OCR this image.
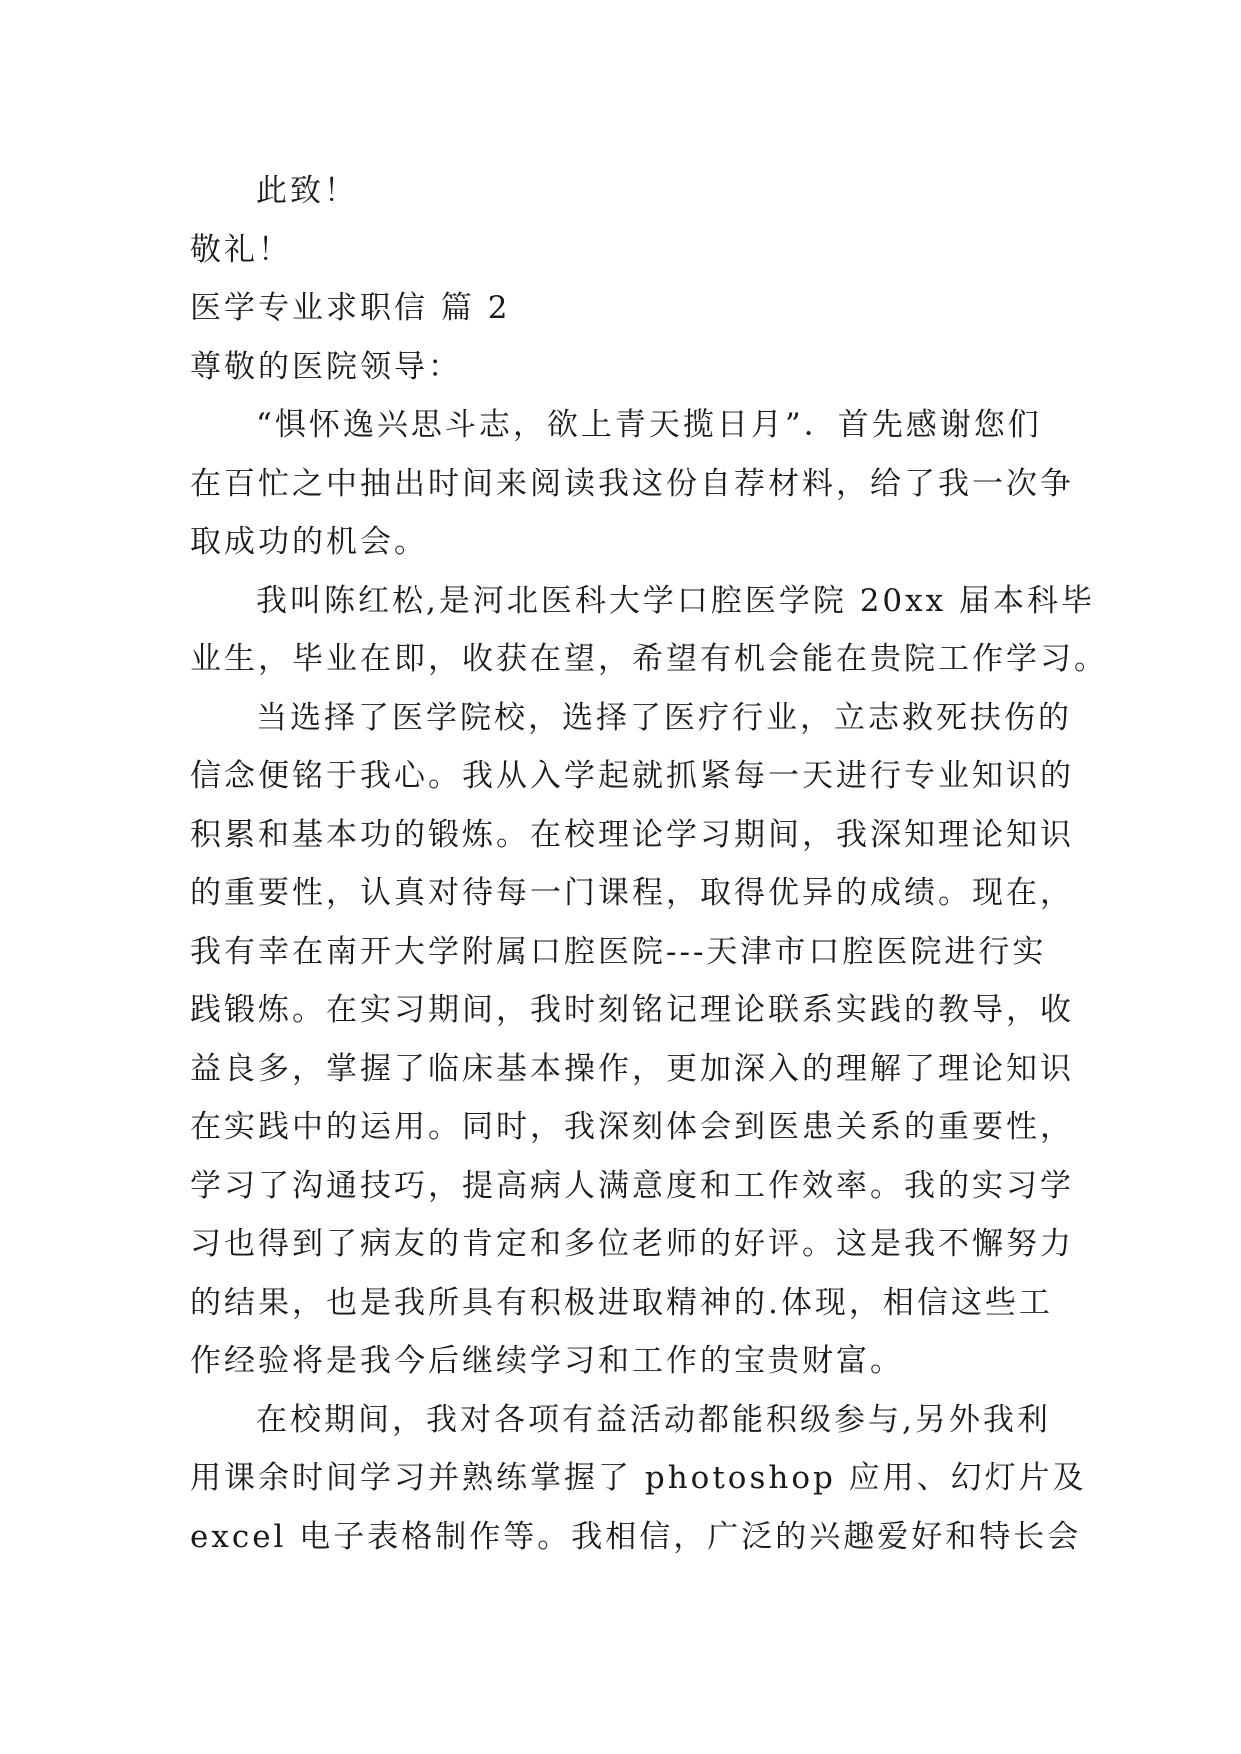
此致！
敬礼！
医学专业求职信 篇 2
尊敬的医院领导：
“惧怀逸兴思斗志，欲上青天揽日月”．首先感谢您们
在百忙之中抽出时间来阅读我这份自荐材料，给了我一次争
取成功的机会。
我叫陈红松,是河北医科大学口腔医学院 20xx 届本科毕
业生，毕业在即，收获在望，希望有机会能在贵院工作学习。
当选择了医学院校，选择了医疗行业，立志救死扶伤的
信念便铭于我心。我从入学起就抓紧每一天进行专业知识的
积累和基本功的锻炼。在校理论学习期间，我深知理论知识
的重要性，认真对待每一门课程，取得优异的成绩。现在，
我有幸在南开大学附属口腔医院---天津市口腔医院进行实
践锻炼。在实习期间，我时刻铭记理论联系实践的教导，收
益良多，掌握了临床基本操作，更加深入的理解了理论知识
在实践中的运用。同时，我深刻体会到医患关系的重要性，
学习了沟通技巧，提高病人满意度和工作效率。我的实习学
习也得到了病友的肯定和多位老师的好评。这是我不懈努力
的结果，也是我所具有积极进取精神的.体现，相信这些工
作经验将是我今后继续学习和工作的宝贵财富。
在校期间，我对各项有益活动都能积级参与,另外我利
用课余时间学习并熟练掌握了 photoshop 应用、幻灯片及
excel 电子表格制作等。我相信，广泛的兴趣爱好和特长会
